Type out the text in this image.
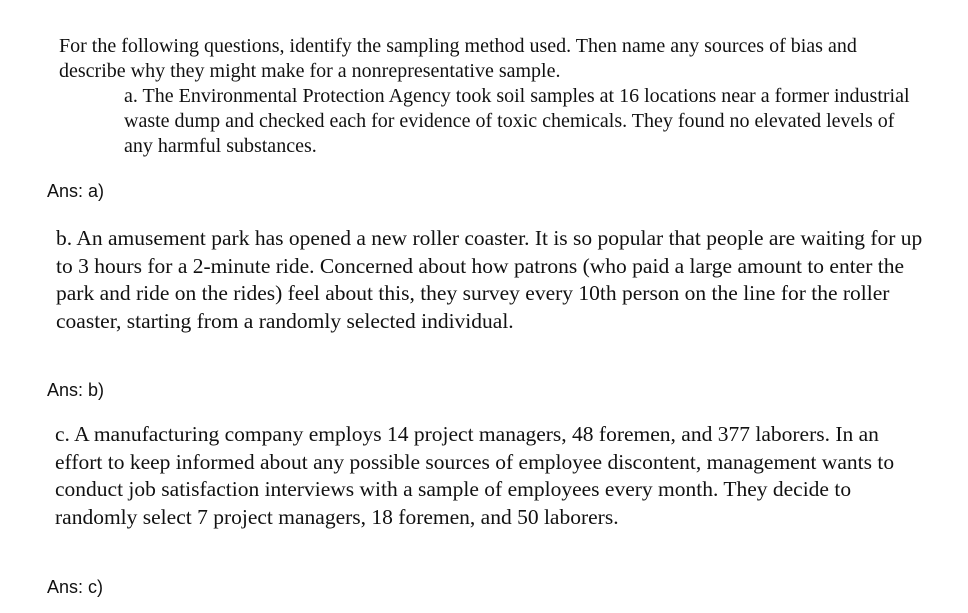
For the following questions, identify the sampling method used. Then name any sources of bias and describe why they might make for a nonrepresentative sample.

a. The Environmental Protection Agency took soil samples at 16 locations near a former industrial waste dump and checked each for evidence of toxic chemicals. They found no elevated levels of any harmful substances.

Ans: a)

b. An amusement park has opened a new roller coaster. It is so popular that people are waiting for up to 3 hours for a 2-minute ride. Concerned about how patrons (who paid a large amount to enter the park and ride on the rides) feel about this, they survey every 10th person on the line for the roller coaster, starting from a randomly selected individual.

Ans: b)

c. A manufacturing company employs 14 project managers, 48 foremen, and 377 laborers. In an effort to keep informed about any possible sources of employee discontent, management wants to conduct job satisfaction interviews with a sample of employees every month. They decide to randomly select 7 project managers, 18 foremen, and 50 laborers.

Ans: c)
